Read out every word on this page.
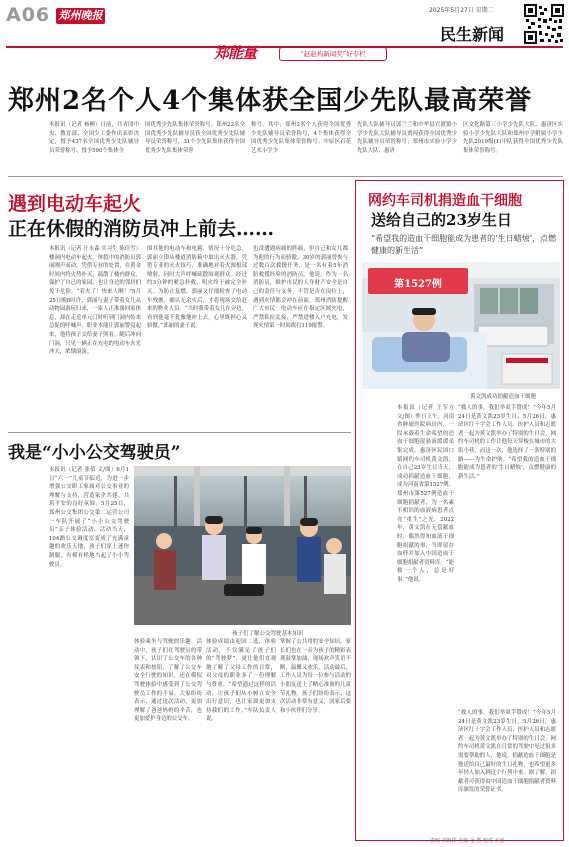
A06 郑州晚报	2025年5月27日 星期二
民生新闻
郑能量	“赵赵构新闻奖”好专栏
郑州2名个人4个集体获全国少先队最高荣誉
本报讯（记者 杨柳）日前，共青团中央、教育部、全国少工委作出表彰决定，授予437名全国优秀少先队辅导员荣誉称号、授予590个集体全
国优秀少先队集体荣誉称号。郑州22名全国优秀少先队辅导员获全国优秀少先队辅导员荣誉称号，31个少先队集体获得全国优秀少先队集体荣誉
称号。其中，郑州2名个人获得全国优秀少先队辅导员荣誉称号，4个集体获得全国优秀少先队集体荣誉称号。中原区百花艺术小学少
先队大队辅导员郭兰兰和中牟县官渡镇小学少先队大队辅导员贾闯获得全国优秀少先队辅导员荣誉称号；郑州市实验小学少先队大队、惠济
区文化路第三小学少先队大队、惠济区实验小学少先队大队和郑州中学附属小学少先队2019级(1)中队获得全国优秀少先队集体荣誉称号。
遇到电动车起火
正在休假的消防员冲上前去……
本报讯（记者 汪永森 实习生 陈佳雪）楼洞内电动车起火，休假中的消防员郭丽刚声而动，凭借专业的处置，在黄金时间内将火势扑灭，疏散了楼内群众，保护了自己的家园，也让身边的邻居们免于危险。“着火了！快来人啊！”5月25日晚8时许，郭丽与妻子带着女儿从动物园游玩归来，一家人正准备回家休息，却在走近单元门时听到门洞内传来急促的呼喊声。职业本能让郭丽警觉起来，他将孩子交给妻子照看，随后冲向门洞，只见一辆正在充电的电动车火光冲天，浓烟滚滚。
围其他的电动车和电箱，情况十分危急。郭丽立即从楼道消防箱中取出灭火器，凭借专业的灭火技巧，准确地对着火源根部喷射，同时大声呼喊疏散围观群众。经过约3分钟的紧急扑救，明火终于被完全扑灭。为防止复燃，郭丽又仔细检查了电动车残骸，确认无余火后，才将现场交给赶来的物业人员。“当时我带着女儿在旁边，看到他毫不犹豫地冲上去，心里既担心又骄傲。”郭丽的妻子说。
也没遭遇病痛的阵痛，但自己和女儿都为他的行为而骄傲。30岁的郭丽曾参与过数百次救援任务，是一名有着5年消防救援经验的消防员。他说，作为一名消防员，维护市民的人身财产安全是自己的责任与义务，不管是否在岗位上，遇到火情都会冲在前面。郑州消防提醒广大市民：电动车应在指定区域充电，严禁私拉乱接，严禁进楼入户充电，发现火情第一时间拨打119报警。
我是“小小公交驾驶员”
本报讯（记者 张倩 文/图）6月1日“六一”儿童节临近，为进一步增强公交职工家属对公交事业的理解与支持，营造家企共建、共筑平安的良好氛围，5月25日，郑州公交集团公交第二运营公司一车队开展了“小小公交驾驶员”亲子体验活动。活动当天，104路公交调度室变成了充满童趣的欢乐天地，孩子们穿上迷你制服，有模有样地当起了小小驾驶员。
孩子们了解公交驾驶基本知识
体验乘坐与驾驶的乐趣。活动中，孩子们在驾驶员的带领下，认识了公交车的各种仪表和按钮，了解了公交车安全行驶的知识，还在模拟驾驶体验中感受到了公交驾驶员工作的不易。大家纷纷表示，通过这次活动，更加理解了爸爸妈妈的辛苦，也更加爱护身边的公交车。
体验成绩由迎国二选，体验活动，不仅满足了孩子们的“驾驶梦”，更让他们直观地了解了父母工作的日常，对父母的职业多了一份理解与尊重。“希望通过这样的活动，让孩子们从小树立安全出行意识，也让家属更加支持我们的工作。”车队负责人说。
掌握了公共用的安全知识，家长们也在一旁为孩子的精彩表现鼓掌加油，现场欢声笑语不断，温馨又欢乐。活动最后，工作人员为每一位参与活动的小朋友送上了精心准备的儿童节礼物。孩子们纷纷表示，这次活动非常有意义，回家后要和小伙伴们分享。
网约车司机捐造血干细胞
送给自己的23岁生日
“希望我的造血干细胞能成为患者的‘生日蜡烛’，点燃健康的新生活”
第1527例
黄文凯成功捐献造血干细胞
本报讯（记者 王军方 文/图）昨日上午，河南省肿瘤医院病房内，一段承载着生命希望的造血干细胞混悬液缓缓采集完成。惠济区民国口镇网约车司机黄文凯，在自己23岁生日当天，成功捐献造血干细胞，成为河南省第1527例、郑州市第527例造血干细胞捐献者，为一名素不相识的血液病患者点亮“重生”之光。2022年，黄文凯在无偿献血时，偶然得知血液干细胞捐献的事，当即留存血样并加入中国造血干细胞捐献者资料库。“能救一个人，总是好事。”他说。
“救人的事，我们举双手赞成！”今年5月24日是黄文凯23岁生日。5月26日，惠济区红十字会工作人员、医护人员和志愿者一起为黄文凯举办了特别的生日会。网约车司机的工作让他每天穿梭在城市的大街小巷，而这一次，他选择了一条特别的路——为生命护航。“希望我的造血干细胞能成为患者的‘生日蜡烛’，点燃健康的新生活。”
“救人的事，我们举双手赞成！”今年5月24日是黄文凯23岁生日。5月26日，惠济区红十字会工作人员、医护人员和志愿者一起为黄文凯举办了特别的生日会。网约车司机黄文凯在日常的驾驶中见过很多需要帮助的人，他说，捐献造血干细胞是他送给自己最好的生日礼物，也希望更多年轻人加入到这个行列中来。据了解，捐献者可获得由中国造血干细胞捐献者资料库颁发的荣誉证书。
责编 刘海洋 美编 金 然 校对 王丽
